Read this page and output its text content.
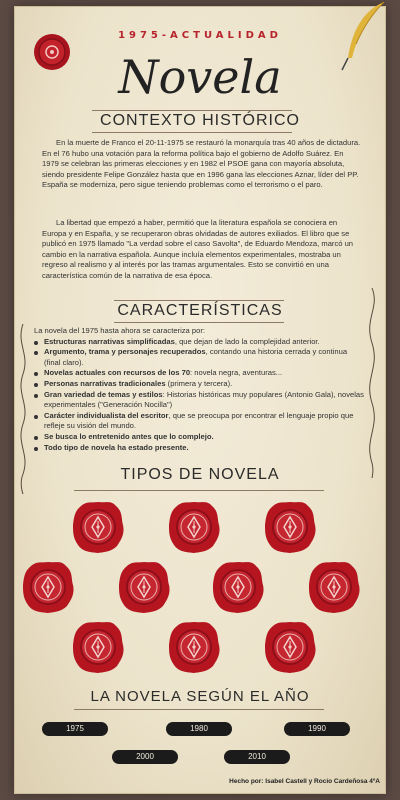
1975-ACTUALIDAD
Novela
CONTEXTO HISTÓRICO
En la muerte de Franco el 20-11-1975 se restauró la monarquía tras 40 años de dictadura. En el 76 hubo una votación para la reforma política bajo el gobierno de Adolfo Suárez. En 1979 se celebran las primeras elecciones y en 1982 el PSOE gana con mayoría absoluta, siendo presidente Felipe González hasta que en 1996 gana las elecciones Aznar, líder del PP. España se moderniza, pero sigue teniendo problemas como el terrorismo o el paro.
La libertad que empezó a haber, permitió que la literatura española se conociera en Europa y en España, y se recuperaron obras olvidadas de autores exiliados. El libro que se publicó en 1975 llamado "La verdad sobre el caso Savolta", de Eduardo Mendoza, marcó un cambio en la narrativa española. Aunque incluía elementos experimentales, mostraba un regreso al realismo y al interés por las tramas argumentales. Esto se convirtió en una característica común de la narrativa de esa época.
CARACTERÍSTICAS
La novela del 1975 hasta ahora se caracteriza por:
Estructuras narrativas simplificadas, que dejan de lado la complejidad anterior.
Argumento, trama y personajes recuperados, contando una historia cerrada y continua (final claro).
Novelas actuales con recursos de los 70: novela negra, aventuras...
Personas narrativas tradicionales (primera y tercera).
Gran variedad de temas y estilos: Historias históricas muy populares (Antonio Gala), novelas experimentales ("Generación Nocilla")
Carácter individualista del escritor, que se preocupa por encontrar el lenguaje propio que refleje su visión del mundo.
Se busca lo entretenido antes que lo complejo.
Todo tipo de novela ha estado presente.
TIPOS DE NOVELA
LA NOVELA SEGÚN EL AÑO
1975	1980	1990
2000	2010
Hecho por: Isabel Castell y Rocío Cardeñosa 4ºA
